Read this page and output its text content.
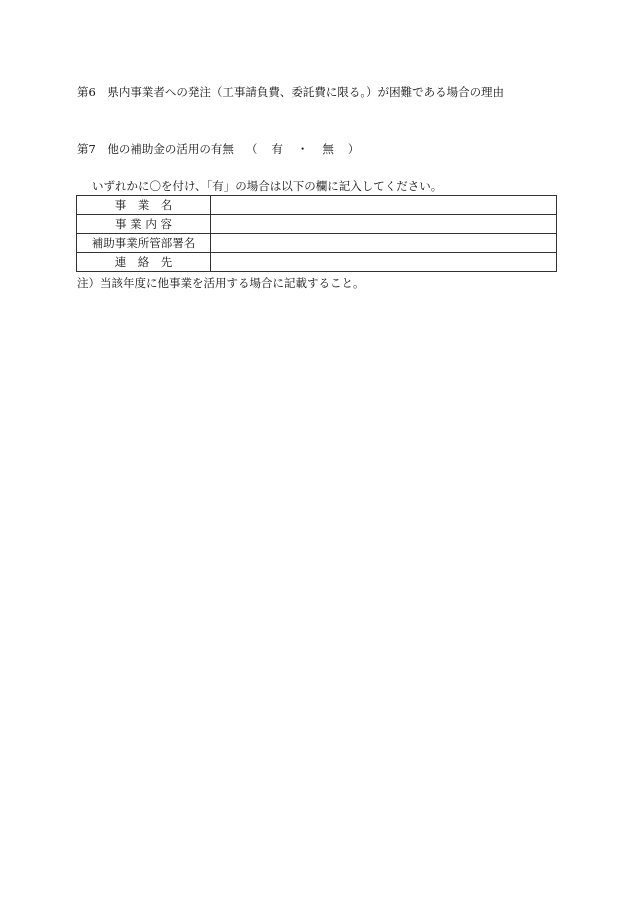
第6　県内事業者への発注（工事請負費、委託費に限る。）が困難である場合の理由
第7　他の補助金の活用の有無 （ 有 ・ 無 ）
いずれかに〇を付け、「有」の場合は以下の欄に記入してください。
事　業　名	
事 業 内 容	
補助事業所管部署名	
連　絡　先	
注）当該年度に他事業を活用する場合に記載すること。
